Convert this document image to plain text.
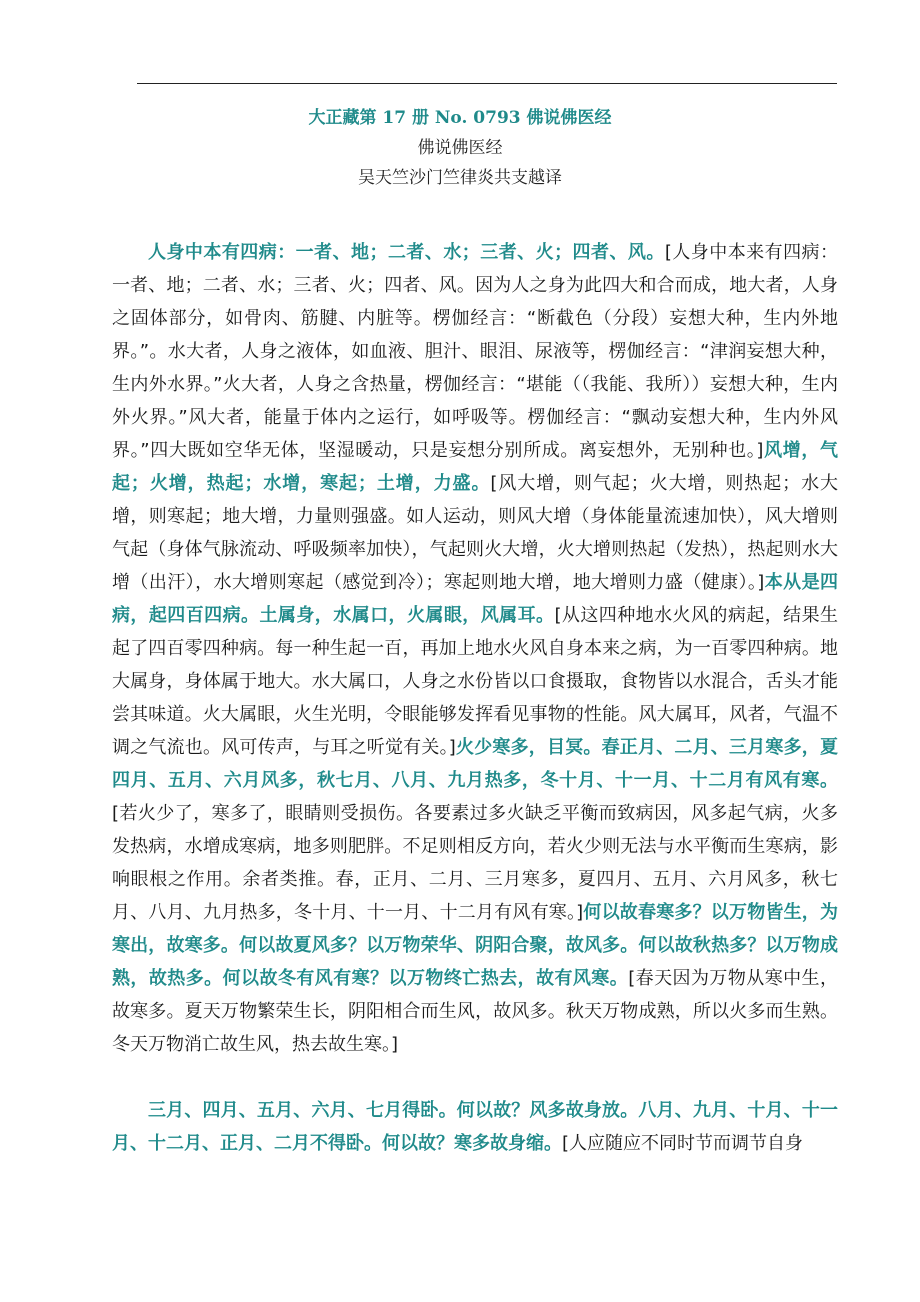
大正藏第 17 册 No. 0793 佛说佛医经
佛说佛医经
吴天竺沙门竺律炎共支越译

人身中本有四病：一者、地；二者、水；三者、火；四者、风。[人身中本来有四病：一者、地；二者、水；三者、火；四者、风。因为人之身为此四大和合而成，地大者，人身之固体部分，如骨肉、筋腱、内脏等。楞伽经言：“断截色（分段）妄想大种，生内外地界。”。水大者，人身之液体，如血液、胆汁、眼泪、尿液等，楞伽经言：“津润妄想大种，生内外水界。”火大者，人身之含热量，楞伽经言：“堪能（（我能、我所））妄想大种，生内外火界。”风大者，能量于体内之运行，如呼吸等。楞伽经言：“飘动妄想大种，生内外风界。”四大既如空华无体，坚湿暖动，只是妄想分别所成。离妄想外，无别种也。]风增，气起；火增，热起；水增，寒起；土增，力盛。[风大增，则气起；火大增，则热起；水大增，则寒起；地大增，力量则强盛。如人运动，则风大增（身体能量流速加快），风大增则气起（身体气脉流动、呼吸频率加快），气起则火大增，火大增则热起（发热），热起则水大增（出汗），水大增则寒起（感觉到冷）；寒起则地大增，地大增则力盛（健康）。]本从是四病，起四百四病。土属身，水属口，火属眼，风属耳。[从这四种地水火风的病起，结果生起了四百零四种病。每一种生起一百，再加上地水火风自身本来之病，为一百零四种病。地大属身，身体属于地大。水大属口，人身之水份皆以口食摄取，食物皆以水混合，舌头才能尝其味道。火大属眼，火生光明，令眼能够发挥看见事物的性能。风大属耳，风者，气温不调之气流也。风可传声，与耳之听觉有关。]火少寒多，目冥。春正月、二月、三月寒多，夏四月、五月、六月风多，秋七月、八月、九月热多，冬十月、十一月、十二月有风有寒。[若火少了，寒多了，眼睛则受损伤。各要素过多火缺乏平衡而致病因，风多起气病，火多发热病，水增成寒病，地多则肥胖。不足则相反方向，若火少则无法与水平衡而生寒病，影响眼根之作用。余者类推。春，正月、二月、三月寒多，夏四月、五月、六月风多，秋七月、八月、九月热多，冬十月、十一月、十二月有风有寒。]何以故春寒多？以万物皆生，为寒出，故寒多。何以故夏风多？以万物荣华、阴阳合聚，故风多。何以故秋热多？以万物成熟，故热多。何以故冬有风有寒？以万物终亡热去，故有风寒。[春天因为万物从寒中生，故寒多。夏天万物繁荣生长，阴阳相合而生风，故风多。秋天万物成熟，所以火多而生熟。冬天万物消亡故生风，热去故生寒。]

三月、四月、五月、六月、七月得卧。何以故？风多故身放。八月、九月、十月、十一月、十二月、正月、二月不得卧。何以故？寒多故身缩。[人应随应不同时节而调节自身
